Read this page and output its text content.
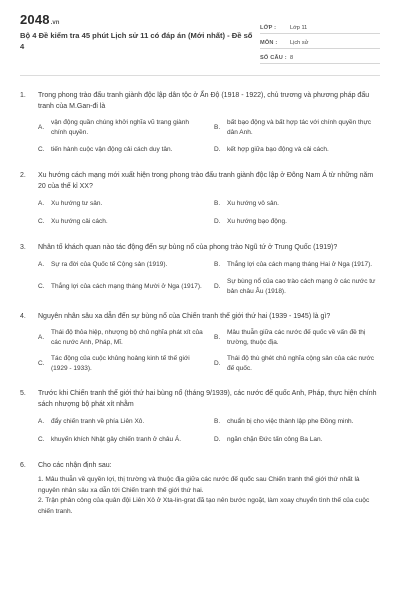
2048 .vn
Bộ 4 Đề kiểm tra 45 phút Lịch sử 11 có đáp án (Mới nhất) - Đề số 4
LỚP :	Lớp 11
MÔN :	Lịch sử
SỐ CÂU : 8
1.	Trong phong trào đấu tranh giành độc lập dân tộc ở Ấn Độ (1918 - 1922), chủ trương và phương pháp đấu tranh của M.Gan-đi là
A.
vận động quần chúng khởi nghĩa vũ trang giành chính quyền.
B.
bất bạo động và bất hợp tác với chính quyền thực dân Anh.
C.	tiến hành cuộc vận động cải cách duy tân.	D.	kết hợp giữa bạo động và cải cách.
2.	Xu hướng cách mạng mới xuất hiện trong phong trào đấu tranh giành độc lập ở Đông Nam Á từ những năm 20 của thế kỉ XX?
A.	Xu hướng tư sản.	B.	Xu hướng vô sản.
C.	Xu hướng cải cách.	D.	Xu hướng bạo động.
3.	Nhân tố khách quan nào tác động đến sự bùng nổ của phong trào Ngũ tứ ở Trung Quốc (1919)?
A.	Sự ra đời của Quốc tế Cộng sản (1919).	B.	Thắng lợi của cách mạng tháng Hai ở Nga (1917).
C.	Thắng lợi của cách mạng tháng Mười ở Nga (1917).	D.
Sự bùng nổ của cao trào cách mạng ở các nước tư bản châu Âu (1918).
4.	Nguyên nhân sâu xa dẫn đến sự bùng nổ của Chiến tranh thế giới thứ hai (1939 - 1945) là gì?
A.
Thái độ thỏa hiệp, nhượng bộ chủ nghĩa phát xít của các nước Anh, Pháp, Mĩ.
B.
Mâu thuẫn giữa các nước đế quốc về vấn đề thị trường, thuộc địa.
C.
Tác động của cuộc khủng hoảng kinh tế thế giới (1929 - 1933).
D.
Thái độ thù ghét chủ nghĩa cộng sản của các nước đế quốc.
5.	Trước khi Chiến tranh thế giới thứ hai bùng nổ (tháng 9/1939), các nước đế quốc Anh, Pháp, thực hiện chính sách nhượng bộ phát xít nhằm
A.	đẩy chiến tranh về phía Liên Xô.	B.	chuẩn bị cho việc thành lập phe Đồng minh.
C.	khuyến khích Nhật gây chiến tranh ở châu Á.	D.	ngăn chặn Đức tấn công Ba Lan.
6.	Cho các nhận định sau:
1. Mâu thuẫn về quyền lợi, thị trường và thuộc địa giữa các nước đế quốc sau Chiến tranh thế giới thứ nhất là nguyên nhân sâu xa dẫn tới Chiến tranh thế giới thứ hai.
2. Trận phản công của quân đội Liên Xô ở Xta-lin-grat đã tạo nên bước ngoặt, làm xoay chuyển tình thế của cuộc chiến tranh.
